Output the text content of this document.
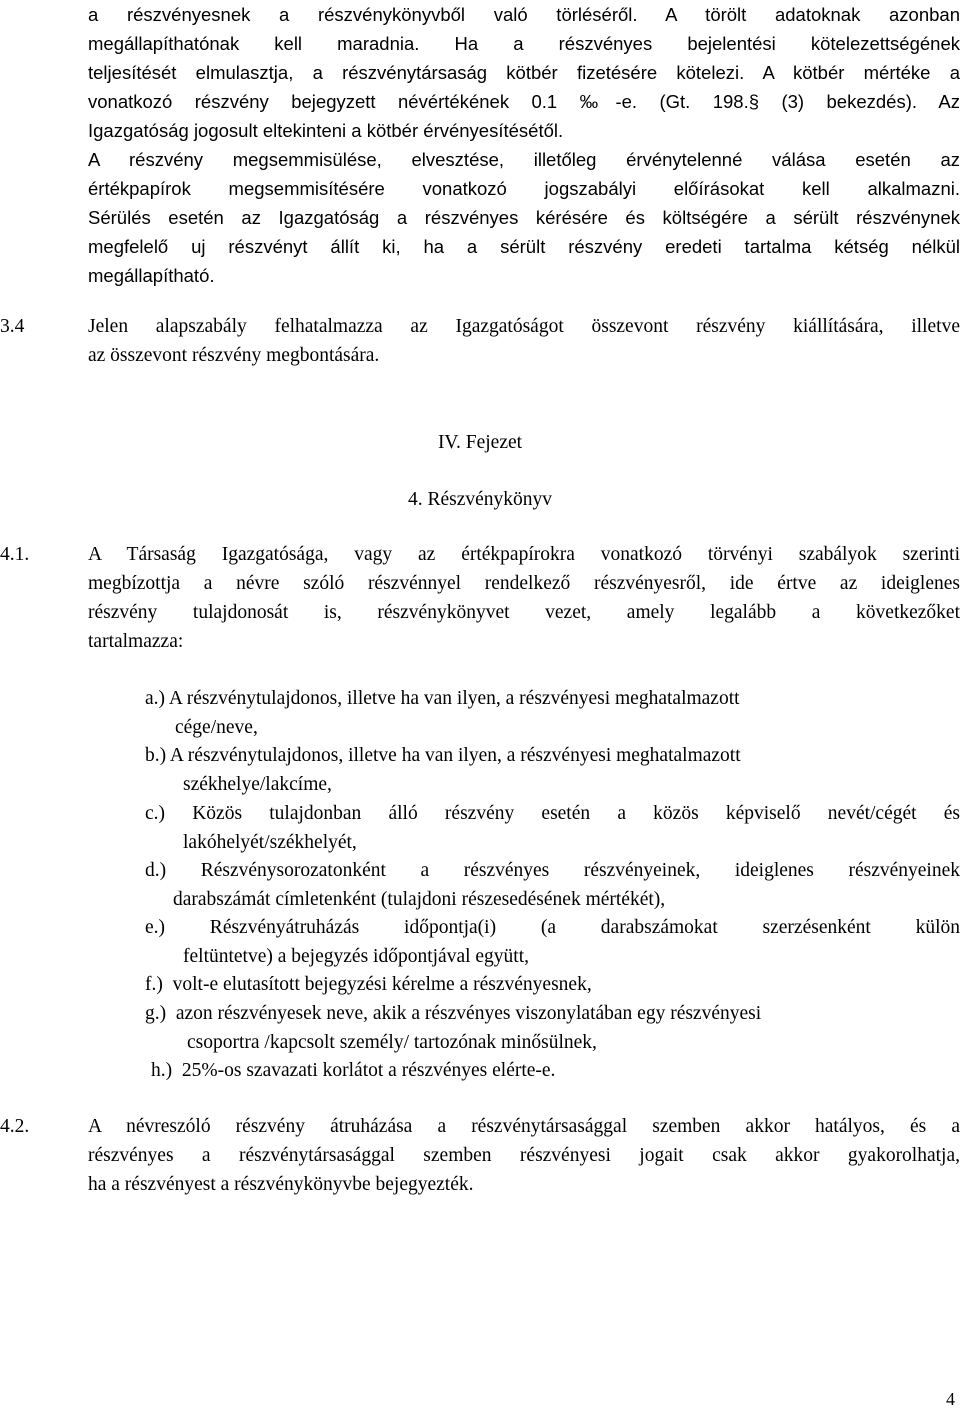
a részvényesnek a részvénykönyvből való törléséről. A törölt adatoknak azonban
megállapíthatónak kell maradnia. Ha a részvényes bejelentési kötelezettségének
teljesítését elmulasztja, a részvénytársaság kötbér fizetésére kötelezi. A kötbér mértéke a
vonatkozó részvény bejegyzett névértékének 0.1 ‰-e. (Gt. 198.§ (3) bekezdés). Az
Igazgatóság jogosult eltekinteni a kötbér érvényesítésétől.
A részvény megsemmisülése, elvesztése, illetőleg érvénytelenné válása esetén az
értékpapírok megsemmisítésére vonatkozó jogszabályi előírásokat kell alkalmazni.
Sérülés esetén az Igazgatóság a részvényes kérésére és költségére a sérült részvénynek
megfelelő uj részvényt állít ki, ha a sérült részvény eredeti tartalma kétség nélkül
megállapítható.
3.4	Jelen alapszabály felhatalmazza az Igazgatóságot összevont részvény kiállítására, illetve
az összevont részvény megbontására.
IV. Fejezet
4. Részvénykönyv
4.1.	A Társaság Igazgatósága, vagy az értékpapírokra vonatkozó törvényi szabályok szerinti
megbízottja a névre szóló részvénnyel rendelkező részvényesről, ide értve az ideiglenes
részvény tulajdonosát is, részvénykönyvet vezet, amely legalább a következőket
tartalmazza:
a.) A részvénytulajdonos, illetve ha van ilyen, a részvényesi meghatalmazott
cége/neve,
b.) A részvénytulajdonos, illetve ha van ilyen, a részvényesi meghatalmazott
székhelye/lakcíme,
c.) Közös tulajdonban álló részvény esetén a közös képviselő nevét/cégét és
lakóhelyét/székhelyét,
d.) Részvénysorozatonként a részvényes részvényeinek, ideiglenes részvényeinek
darabszámát címletenként (tulajdoni részesedésének mértékét),
e.) Részvényátruházás időpontja(i) (a darabszámokat szerzésenként külön
feltüntetve) a bejegyzés időpontjával együtt,
f.)  volt-e elutasított bejegyzési kérelme a részvényesnek,
g.)  azon részvényesek neve, akik a részvényes viszonylatában egy részvényesi
csoportra /kapcsolt személy/ tartozónak minősülnek,
h.)  25%-os szavazati korlátot a részvényes elérte-e.
4.2.	A névreszóló részvény átruházása a részvénytársasággal szemben akkor hatályos, és a
részvényes a részvénytársasággal szemben részvényesi jogait csak akkor gyakorolhatja,
ha a részvényest a részvénykönyvbe bejegyezték.
4
